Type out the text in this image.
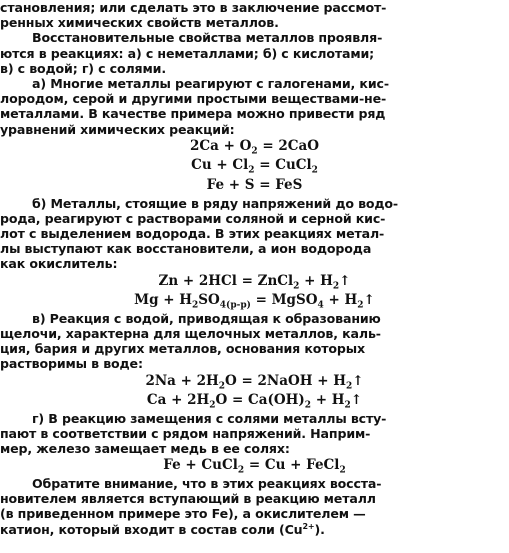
становления; или сделать это в заключение рассмот-
ренных химических свойств металлов.
Восстановительные свойства металлов проявля-
ются в реакциях: а) с неметаллами; б) с кислотами;
в) с водой; г) с солями.
а) Многие металлы реагируют с галогенами, кис-
лородом, серой и другими простыми веществами-не-
металлами. В качестве примера можно привести ряд
уравнений химических реакций:
$2Ca + O_2 = 2CaO$
$Cu + Cl_2$ = CuCl$_2$
Fe + S = FeS
б) Металлы, стоящие в ряду напряжений до водо-
рода, реагируют с растворами соляной и серной кис-
лот с выделением водорода. В этих реакциях метал-
лы выступают как восстановители, а ион водорода
как окислитель:
Zn + 2HCl = ZnCl$_2$ + $H_2↑$
$Mg + H_2SO_{4(р-р)}$ = MgSO$_4$ + $H_2↑$
в) Реакция с водой, приводящая к образованию
щелочи, характерна для щелочных металлов, каль-
ция, бария и других металлов, основания которых
растворимы в воде:
$2Na + 2H_2O$ = 2NaOH + $H_2↑$
$Ca + 2H_2O = Ca(OH)_2$ + $H_2↑$
г) В реакцию замещения с солями металлы всту-
пают в соответствии с рядом напряжений. Наприм-
мер, железо замещает медь в ее солях:
Fe + CuCl$_2$ = Cu + FeCl$_2$
Обратите внимание, что в этих реакциях восста-
новителем является вступающий в реакцию металл
(в приведенном примере это Fe), а окислителем —
катион, который входит в состав соли $(Cu^{2+})$.
